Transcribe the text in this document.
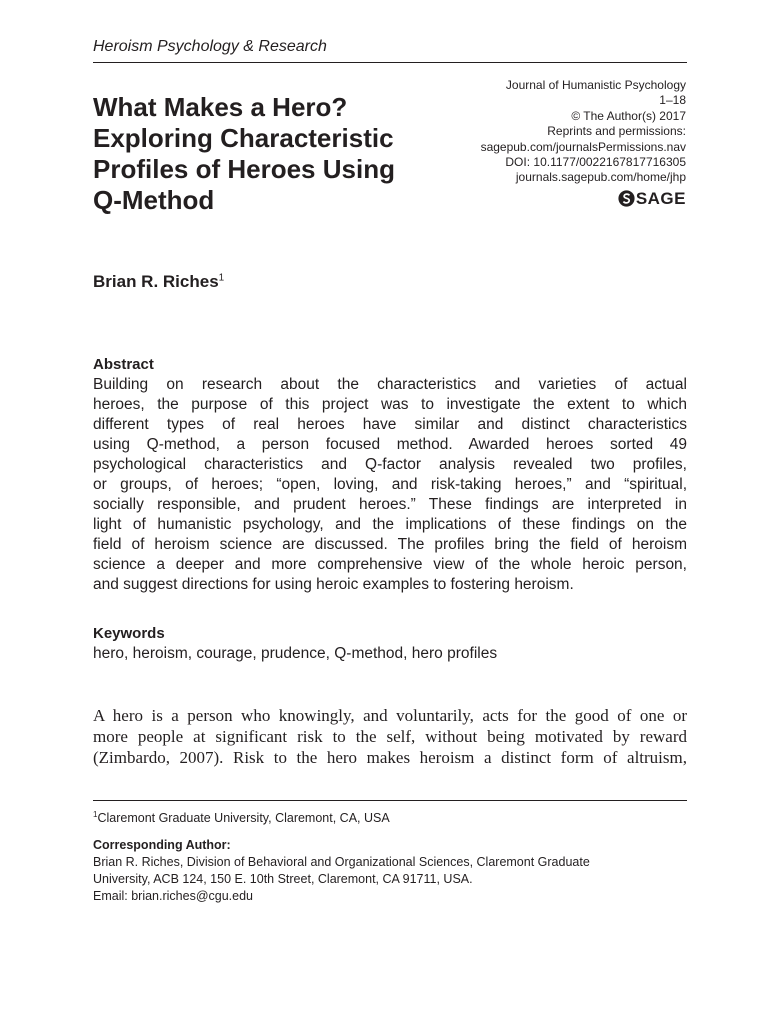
Heroism Psychology & Research
What Makes a Hero?
Exploring Characteristic
Profiles of Heroes Using
Q-Method
Journal of Humanistic Psychology
1–18
© The Author(s) 2017
Reprints and permissions:
sagepub.com/journalsPermissions.nav
DOI: 10.1177/0022167817716305
journals.sagepub.com/home/jhp
SAGE
Brian R. Riches$^1$
Abstract
Building on research about the characteristics and varieties of actual
heroes, the purpose of this project was to investigate the extent to which
different types of real heroes have similar and distinct characteristics
using Q-method, a person focused method. Awarded heroes sorted 49
psychological characteristics and Q-factor analysis revealed two profiles,
or groups, of heroes; “open, loving, and risk-taking heroes,” and “spiritual,
socially responsible, and prudent heroes.” These findings are interpreted in
light of humanistic psychology, and the implications of these findings on the
field of heroism science are discussed. The profiles bring the field of heroism
science a deeper and more comprehensive view of the whole heroic person,
and suggest directions for using heroic examples to fostering heroism.
Keywords
hero, heroism, courage, prudence, Q-method, hero profiles
A hero is a person who knowingly, and voluntarily, acts for the good of one or
more people at significant risk to the self, without being motivated by reward
(Zimbardo, 2007). Risk to the hero makes heroism a distinct form of altruism,
$^1$Claremont Graduate University, Claremont, CA, USA
Corresponding Author:
Brian R. Riches, Division of Behavioral and Organizational Sciences, Claremont Graduate
University, ACB 124, 150 E. 10th Street, Claremont, CA 91711, USA.
Email: brian.riches@cgu.edu
